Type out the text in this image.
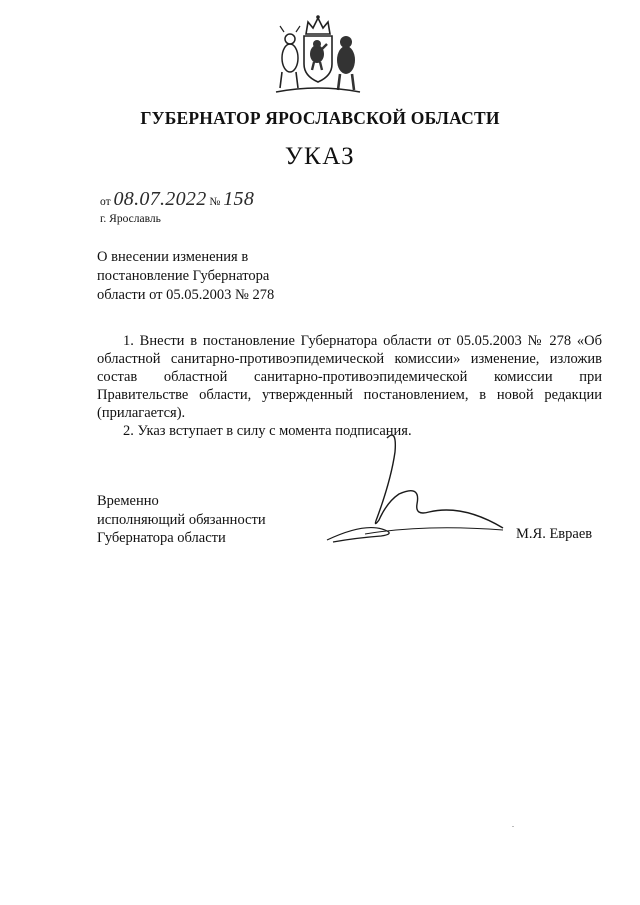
ГУБЕРНАТОР ЯРОСЛАВСКОЙ ОБЛАСТИ
УКАЗ
от 08.07.2022 № 158
г. Ярославль
О внесении изменения в
постановление Губернатора
области от 05.05.2003 № 278

1. Внести в постановление Губернатора области от 05.05.2003 № 278 «Об областной санитарно-противоэпидемической комиссии» изменение, изложив состав областной санитарно-противоэпидемической комиссии при Правительстве области, утвержденный постановлением, в новой редакции (прилагается).

2. Указ вступает в силу с момента подписания.

Временно
исполняющий обязанности
Губернатора области	М.Я. Евраев
